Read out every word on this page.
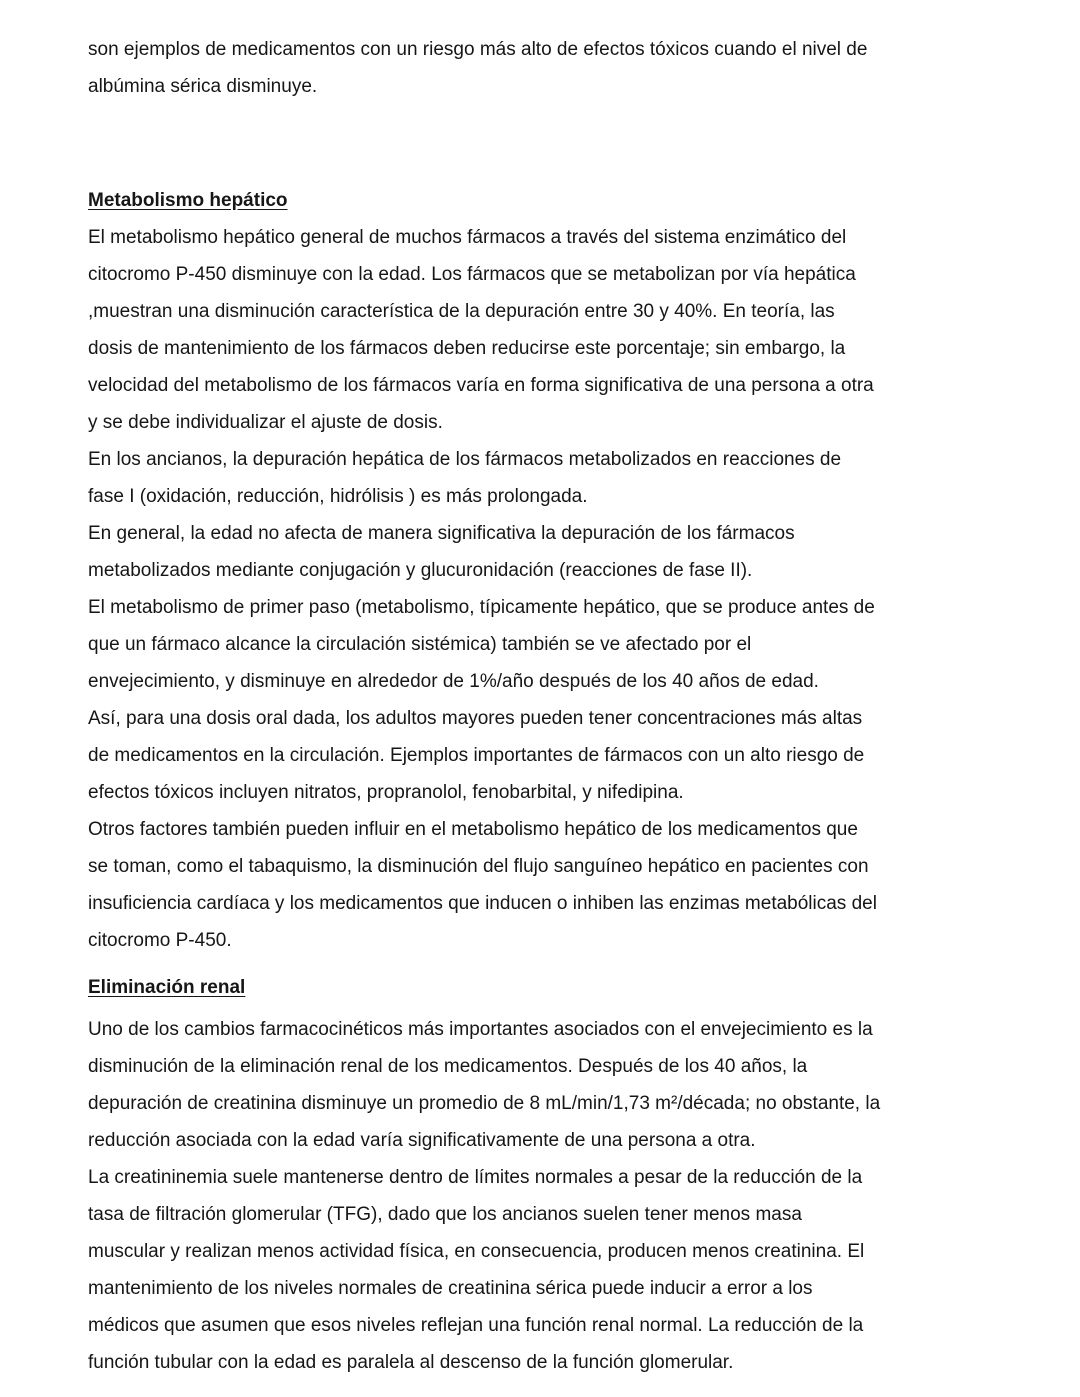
son ejemplos de medicamentos con un riesgo más alto de efectos tóxicos cuando el nivel de
albúmina sérica disminuye.
Metabolismo hepático
El metabolismo hepático general de muchos fármacos a través del sistema enzimático del
citocromo P-450 disminuye con la edad. Los fármacos que se metabolizan por vía hepática
,muestran una disminución característica de la depuración entre 30 y 40%. En teoría, las
dosis de mantenimiento de los fármacos deben reducirse este porcentaje; sin embargo, la
velocidad del metabolismo de los fármacos varía en forma significativa de una persona a otra
y se debe individualizar el ajuste de dosis.
En los ancianos, la depuración hepática de los fármacos metabolizados en reacciones de
fase I (oxidación, reducción, hidrólisis ) es más prolongada.
En general, la edad no afecta de manera significativa la depuración de los fármacos
metabolizados mediante conjugación y glucuronidación (reacciones de fase II).
El metabolismo de primer paso (metabolismo, típicamente hepático, que se produce antes de
que un fármaco alcance la circulación sistémica) también se ve afectado por el
envejecimiento, y disminuye en alrededor de 1%/año después de los 40 años de edad.
Así, para una dosis oral dada, los adultos mayores pueden tener concentraciones más altas
de medicamentos en la circulación. Ejemplos importantes de fármacos con un alto riesgo de
efectos tóxicos incluyen nitratos, propranolol, fenobarbital, y nifedipina.
Otros factores también pueden influir en el metabolismo hepático de los medicamentos que
se toman, como el tabaquismo, la disminución del flujo sanguíneo hepático en pacientes con
insuficiencia cardíaca y los medicamentos que inducen o inhiben las enzimas metabólicas del
citocromo P-450.
Eliminación renal
Uno de los cambios farmacocinéticos más importantes asociados con el envejecimiento es la
disminución de la eliminación renal de los medicamentos. Después de los 40 años, la
depuración de creatinina disminuye un promedio de 8 mL/min/1,73 m²/década; no obstante, la
reducción asociada con la edad varía significativamente de una persona a otra.
La creatininemia suele mantenerse dentro de límites normales a pesar de la reducción de la
tasa de filtración glomerular (TFG), dado que los ancianos suelen tener menos masa
muscular y realizan menos actividad física, en consecuencia, producen menos creatinina. El
mantenimiento de los niveles normales de creatinina sérica puede inducir a error a los
médicos que asumen que esos niveles reflejan una función renal normal. La reducción de la
función tubular con la edad es paralela al descenso de la función glomerular.
